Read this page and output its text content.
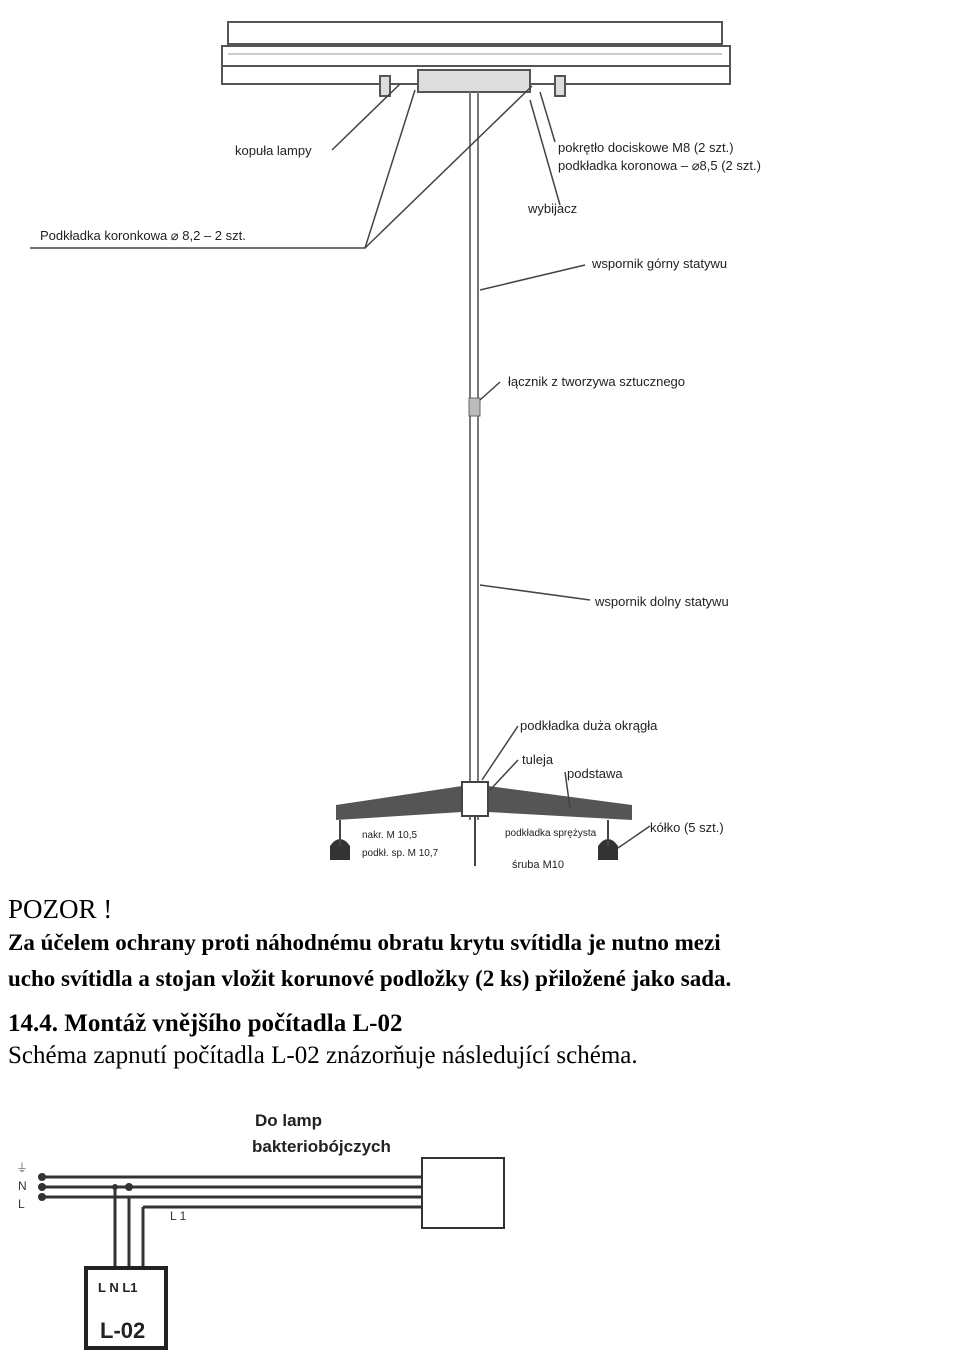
kopuła lampy
Podkładka koronkowa ⌀ 8,2 – 2 szt.
pokrętło dociskowe M8 (2 szt.)
podkładka koronowa – ⌀8,5 (2 szt.)
wybijacz
wspornik górny statywu
łącznik z tworzywa sztucznego
wspornik dolny statywu
podkładka duża okrągła
tuleja
podstawa
kółko (5 szt.)
nakr. M 10,5
podkł. sp. M 10,7
podkładka sprężysta
śruba M10
POZOR !
Za účelem ochrany proti náhodnému obratu krytu svítidla je nutno mezi
ucho svítidla a stojan vložit korunové podložky (2 ks) přiložené jako sada.
14.4. Montáž vnějšího počítadla L-02
Schéma zapnutí počítadla L-02 znázorňuje následující schéma.
Do lamp
bakteriobójczych
⏚
N
L
L 1
L N L1
L-02
